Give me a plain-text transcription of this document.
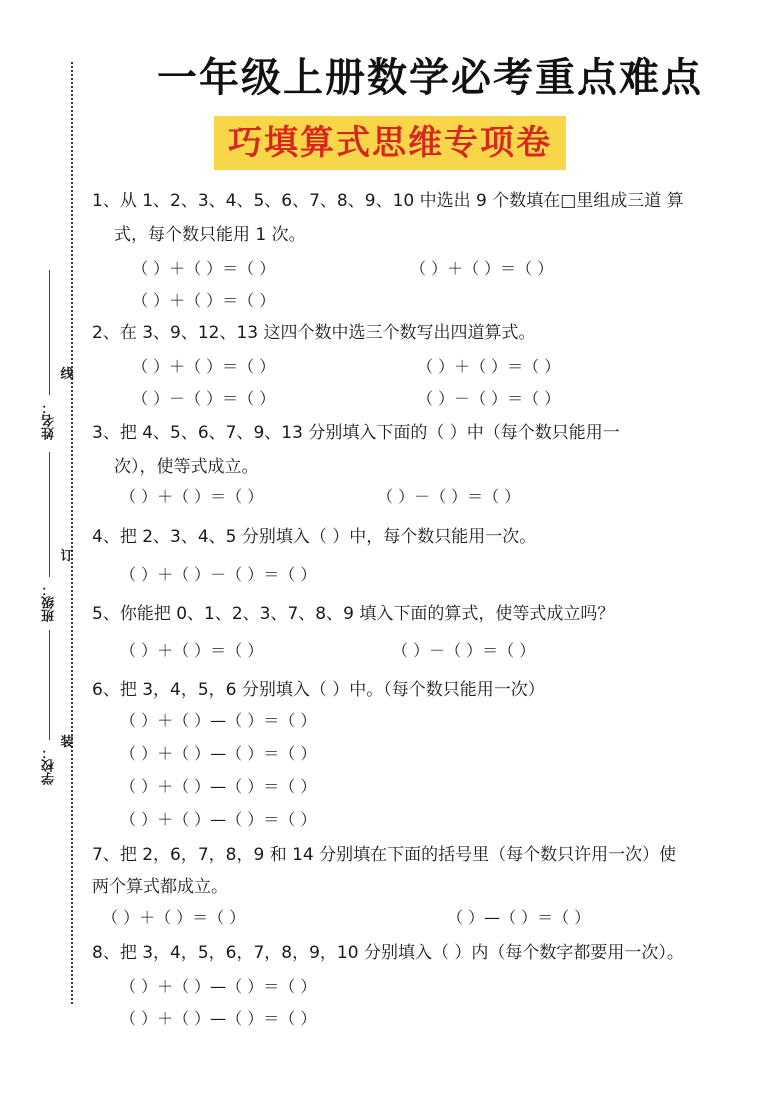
线
订
装
姓名：
班级：
学校：
一年级上册数学必考重点难点
巧填算式思维专项卷
1、从 1、2、3、4、5、6、7、8、9、10 中选出 9 个数填在□里组成三道 算
式，每个数只能用 1 次。
（ ）＋（ ）＝（ ）	（ ）＋（ ）＝（ ）
（ ）＋（ ）＝（ ）
2、在 3、9、12、13 这四个数中选三个数写出四道算式。
（ ）＋（ ）＝（ ）	（ ）＋（ ）＝（ ）
（ ）－（ ）＝（ ）	（ ）－（ ）＝（ ）
3、把 4、5、6、7、9、13 分别填入下面的（ ）中（每个数只能用一
次），使等式成立。
（ ）＋（ ）＝（ ）	（ ）－（ ）＝（ ）
4、把 2、3、4、5 分别填入（ ）中，每个数只能用一次。
（ ）＋（ ）－（ ）＝（ ）
5、你能把 0、1、2、3、7、8、9 填入下面的算式，使等式成立吗？
（ ）＋（ ）＝（ ）	（ ）－（ ）＝（ ）
6、把 3，4，5，6 分别填入（ ）中。（每个数只能用一次）
（ ）＋（ ）—（ ）＝（ ）
（ ）＋（ ）—（ ）＝（ ）
（ ）＋（ ）—（ ）＝（ ）
（ ）＋（ ）—（ ）＝（ ）
7、把 2，6，7，8，9 和 14 分别填在下面的括号里（每个数只许用一次）使
两个算式都成立。
（ ）＋（ ）＝（ ）	（ ）—（ ）＝（ ）
8、把 3，4，5，6，7，8，9，10 分别填入（ ）内（每个数字都要用一次）。
（ ）＋（ ）—（ ）＝（ ）
（ ）＋（ ）—（ ）＝（ ）
